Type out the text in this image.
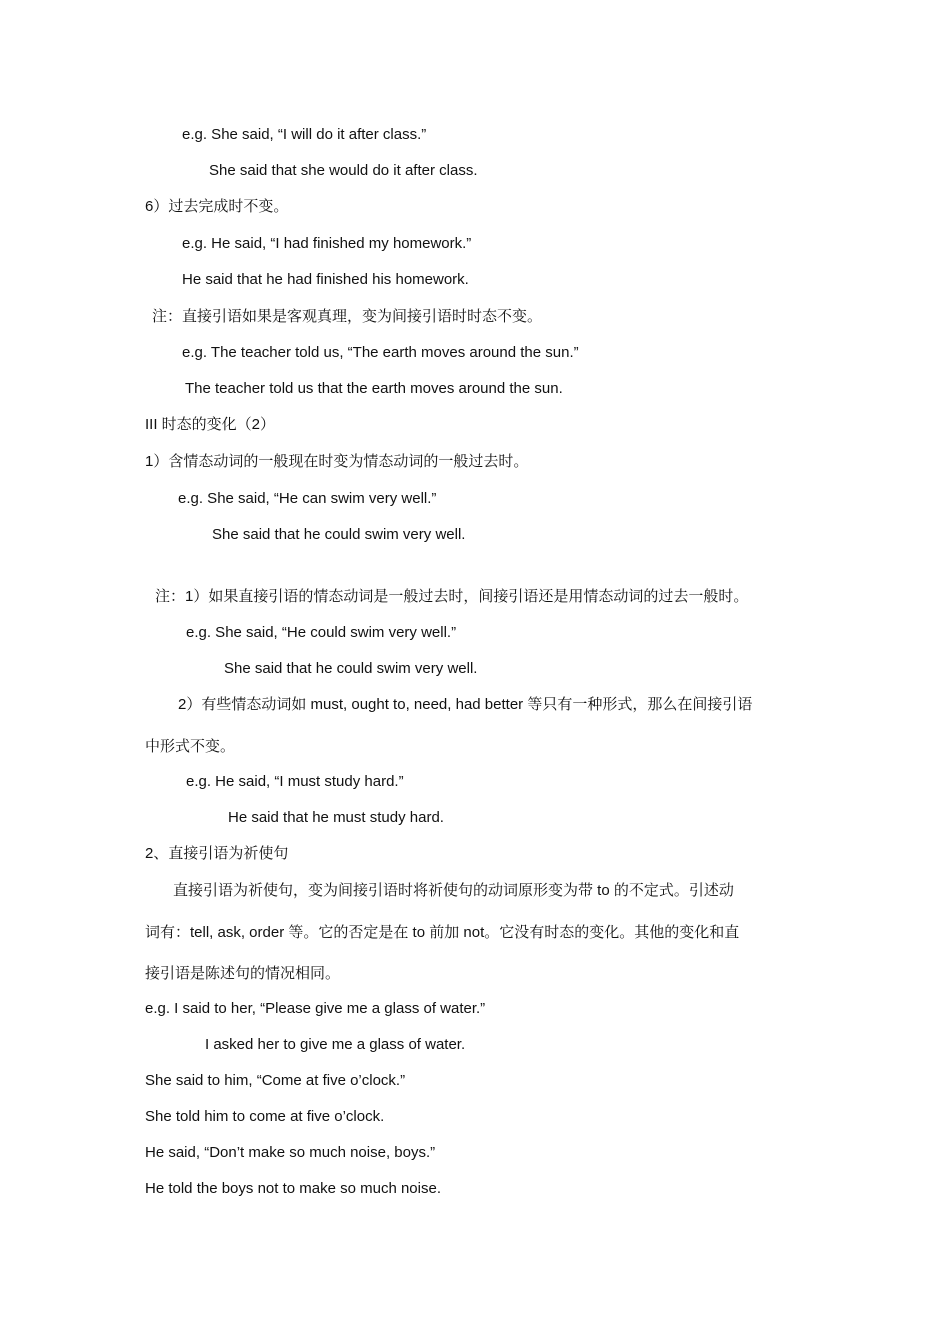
e.g. She said, “I will do it after class.”
She said that she would do it after class.
6）过去完成时不变。
e.g. He said, “I had finished my homework.”
He said that he had finished his homework.
注：直接引语如果是客观真理，变为间接引语时时态不变。
e.g. The teacher told us, “The earth moves around the sun.”
The teacher told us that the earth moves around the sun.
III 时态的变化（2）
1）含情态动词的一般现在时变为情态动词的一般过去时。
e.g. She said, “He can swim very well.”
She said that he could swim very well.
注：1）如果直接引语的情态动词是一般过去时，间接引语还是用情态动词的过去一般时。
e.g. She said, “He could swim very well.”
She said that he could swim very well.
2）有些情态动词如 must, ought to, need, had better 等只有一种形式，那么在间接引语
中形式不变。
e.g. He said, “I must study hard.”
He said that he must study hard.
2、直接引语为祈使句
直接引语为祈使句，变为间接引语时将祈使句的动词原形变为带 to 的不定式。引述动
词有：tell, ask, order 等。它的否定是在 to 前加 not。它没有时态的变化。其他的变化和直
接引语是陈述句的情况相同。
e.g. I said to her, “Please give me a glass of water.”
I asked her to give me a glass of water.
She said to him, “Come at five o’clock.”
She told him to come at five o’clock.
He said, “Don’t make so much noise, boys.”
He told the boys not to make so much noise.
